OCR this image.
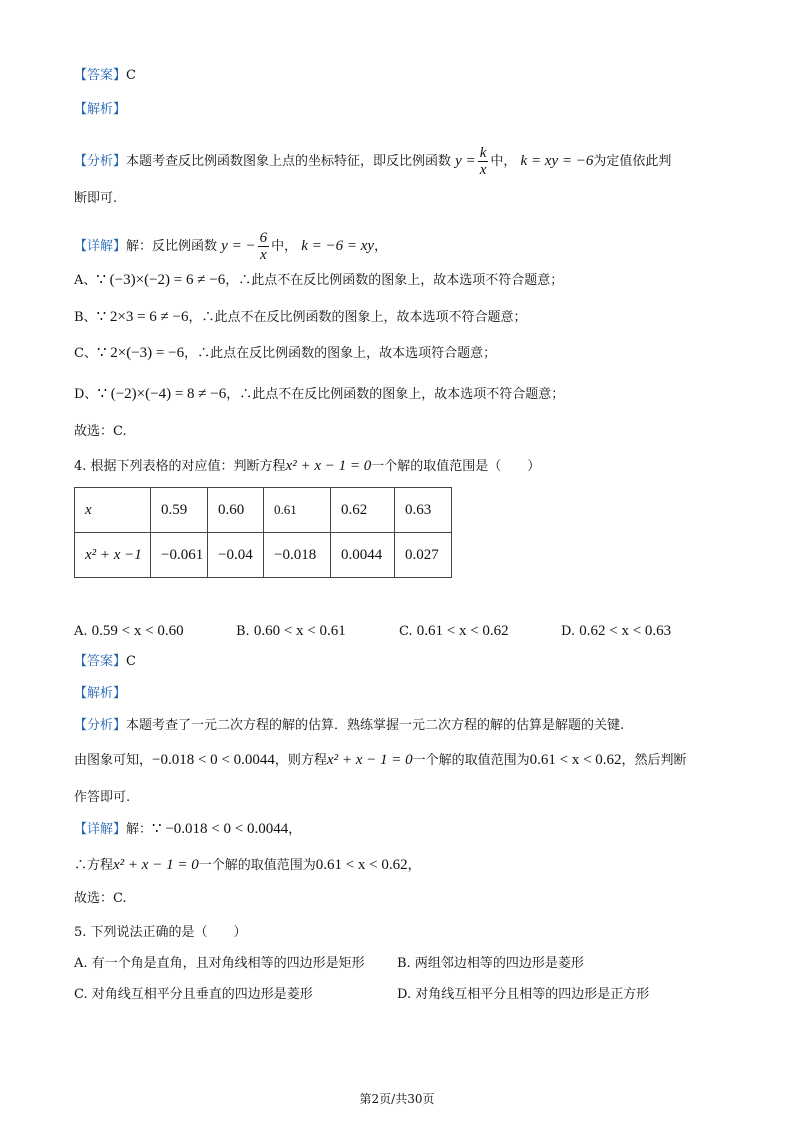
【答案】C
【解析】
【分析】本题考查反比例函数图象上点的坐标特征，即反比例函数 $y = \frac{k}{x}$ 中， k = xy = −6为定值依此判
断即可.
【详解】解：反比例函数 y = − $\frac{6}{x}$ 中， k = −6 = xy，
A、∵ (−3)×(−2) = 6 ≠ −6，∴此点不在反比例函数的图象上，故本选项不符合题意；
B、∵ 2×3 = 6 ≠ −6，∴此点不在反比例函数的图象上，故本选项不符合题意；
C、∵ 2×(−3) = −6，∴此点在反比例函数的图象上，故本选项符合题意；
D、∵ (−2)×(−4) = 8 ≠ −6，∴此点不在反比例函数的图象上，故本选项不符合题意；
故选：C.
4. 根据下列表格的对应值：判断方程x² + x − 1 = 0一个解的取值范围是（　　）
x	0.59	0.60	0.61	0.62	0.63
x² + x −1	−0.061	−0.04	−0.018	0.0044	0.027
A. 0.59 < x < 0.60	B. 0.60 < x < 0.61	C. 0.61 < x < 0.62	D. 0.62 < x < 0.63
【答案】C
【解析】
【分析】本题考查了一元二次方程的解的估算．熟练掌握一元二次方程的解的估算是解题的关键.
由图象可知，−0.018 < 0 < 0.0044，则方程x² + x − 1 = 0一个解的取值范围为0.61 < x < 0.62，然后判断
作答即可.
【详解】解：∵ −0.018 < 0 < 0.0044，
∴方程x² + x − 1 = 0一个解的取值范围为0.61 < x < 0.62，
故选：C.
5. 下列说法正确的是（　　）
A. 有一个角是直角，且对角线相等的四边形是矩形 B. 两组邻边相等的四边形是菱形
C. 对角线互相平分且垂直的四边形是菱形	D. 对角线互相平分且相等的四边形是正方形
第2页/共30页
